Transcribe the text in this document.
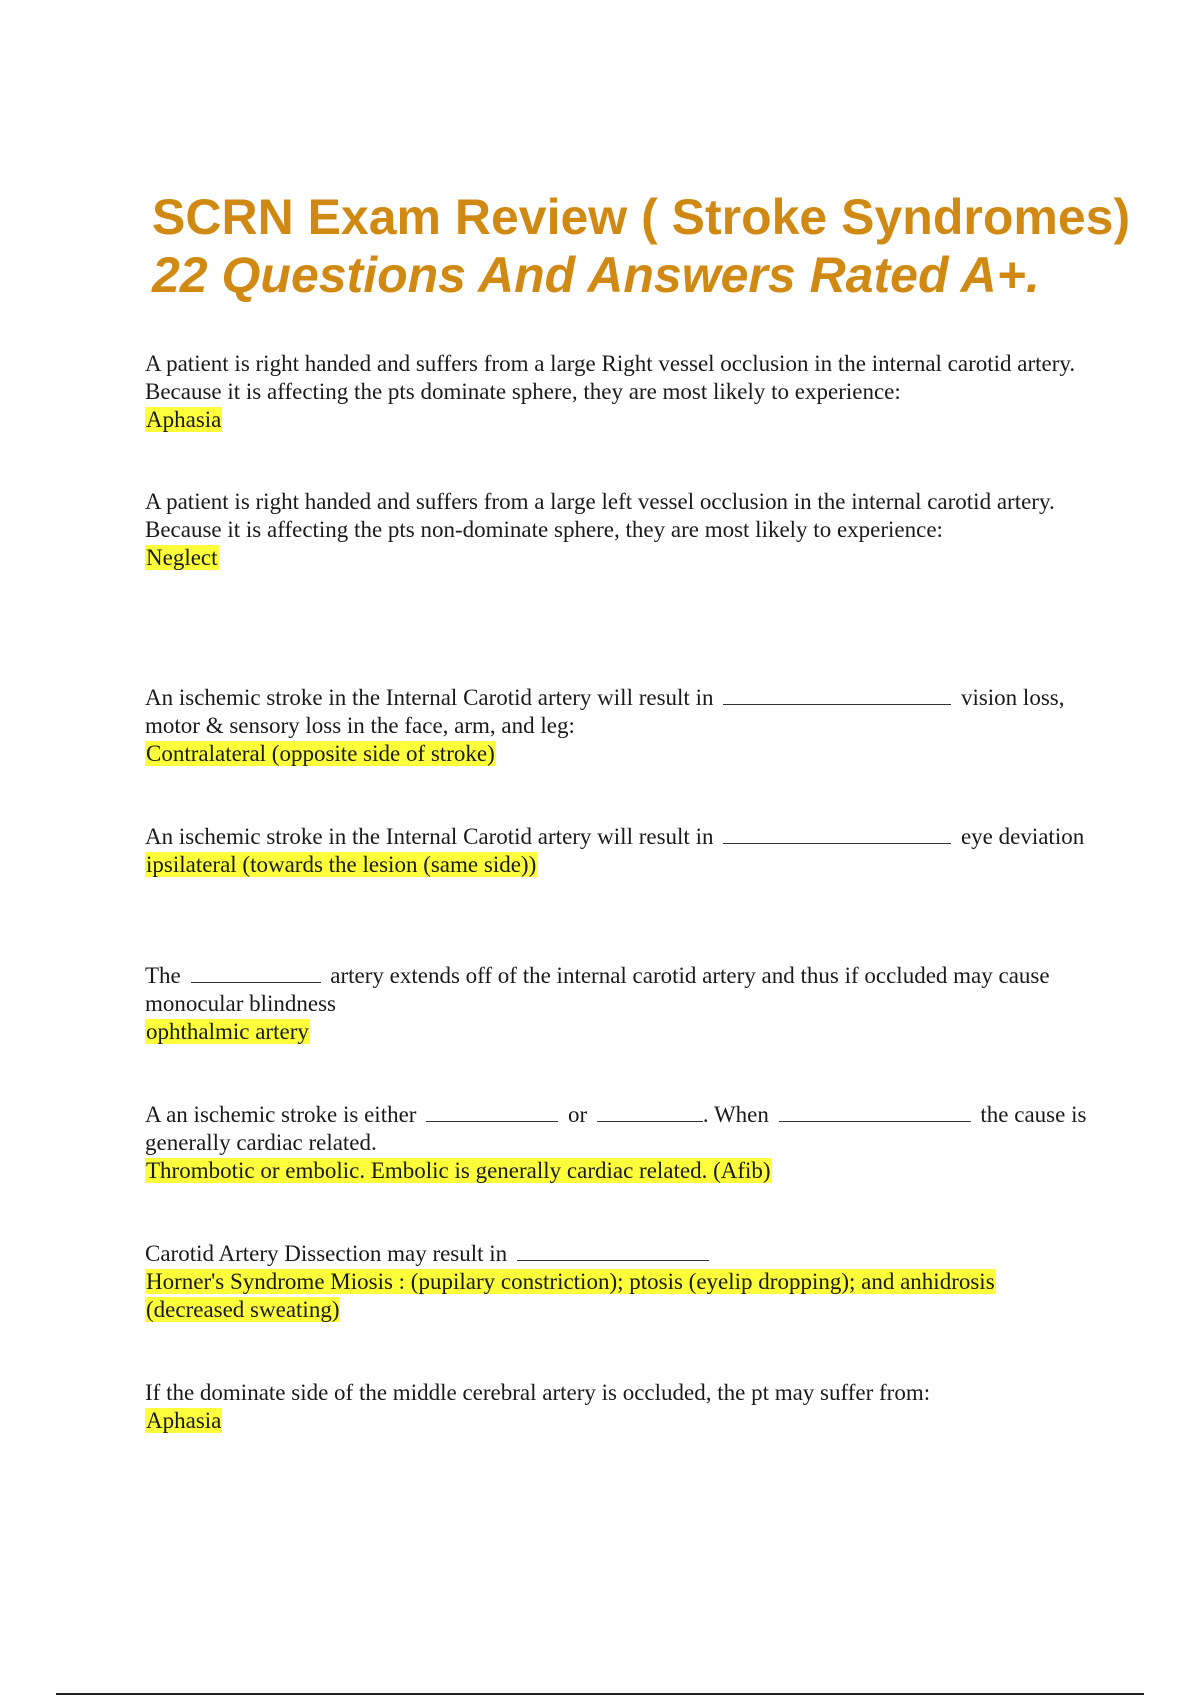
SCRN Exam Review ( Stroke Syndromes)
22 Questions And Answers Rated A+.

A patient is right handed and suffers from a large Right vessel occlusion in the internal carotid artery. Because it is affecting the pts dominate sphere, they are most likely to experience:

Aphasia

A patient is right handed and suffers from a large left vessel occlusion in the internal carotid artery. Because it is affecting the pts non-dominate sphere, they are most likely to experience:

Neglect

An ischemic stroke in the Internal Carotid artery will result in	vision loss, motor & sensory loss in the face, arm, and leg:

Contralateral (opposite side of stroke)

An ischemic stroke in the Internal Carotid artery will result in	eye deviation

ipsilateral (towards the lesion (same side))

The	artery extends off of the internal carotid artery and thus if occluded may cause monocular blindness

ophthalmic artery

A an ischemic stroke is either	or	. When	the cause is generally cardiac related.

Thrombotic or embolic. Embolic is generally cardiac related. (Afib)

Carotid Artery Dissection may result in

Horner's Syndrome Miosis : (pupilary constriction); ptosis (eyelip dropping); and anhidrosis (decreased sweating)

If the dominate side of the middle cerebral artery is occluded, the pt may suffer from:

Aphasia
